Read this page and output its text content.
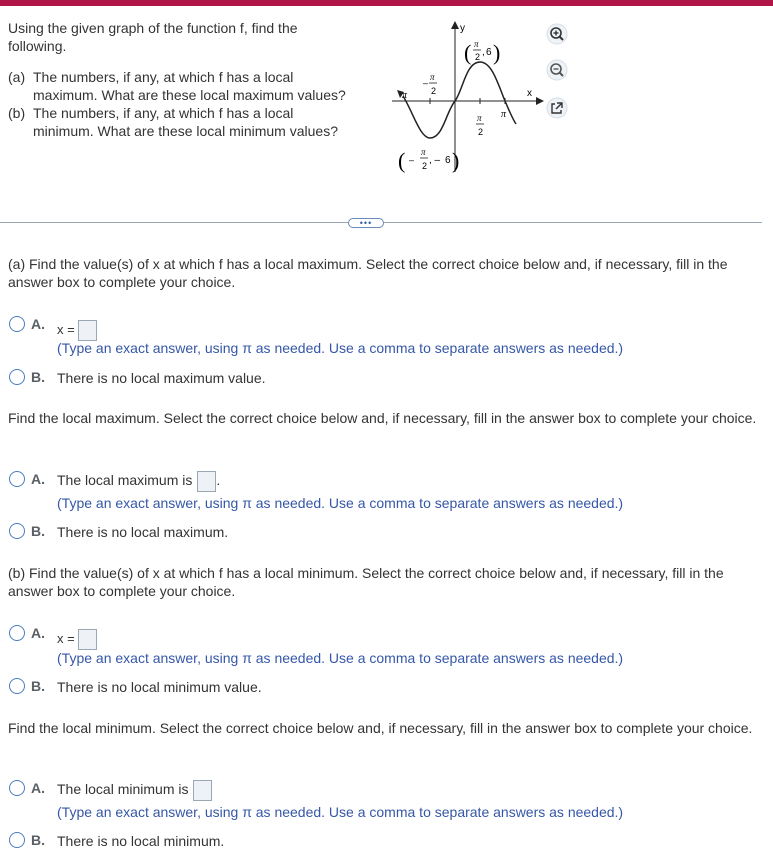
Using the given graph of the function f, find the
following.
(a) The numbers, if any, at which f has a local
maximum. What are these local maximum values?
(b) The numbers, if any, at which f has a local
minimum. What are these local minimum values?
y
x
π
–
π
2
π
2
π
( π
2 , 6 )
( –
π
2 , – 6 )
•••
(a) Find the value(s) of x at which f has a local maximum. Select the correct choice below and, if necessary, fill in the answer box to complete your choice.
A. x =
(Type an exact answer, using π as needed. Use a comma to separate answers as needed.)
B. There is no local maximum value.
Find the local maximum. Select the correct choice below and, if necessary, fill in the answer box to complete your choice.
A. The local maximum is .
(Type an exact answer, using π as needed. Use a comma to separate answers as needed.)
B. There is no local maximum.
(b) Find the value(s) of x at which f has a local minimum. Select the correct choice below and, if necessary, fill in the answer box to complete your choice.
A. x =
(Type an exact answer, using π as needed. Use a comma to separate answers as needed.)
B. There is no local minimum value.
Find the local minimum. Select the correct choice below and, if necessary, fill in the answer box to complete your choice.
A. The local minimum is
(Type an exact answer, using π as needed. Use a comma to separate answers as needed.)
B. There is no local minimum.
